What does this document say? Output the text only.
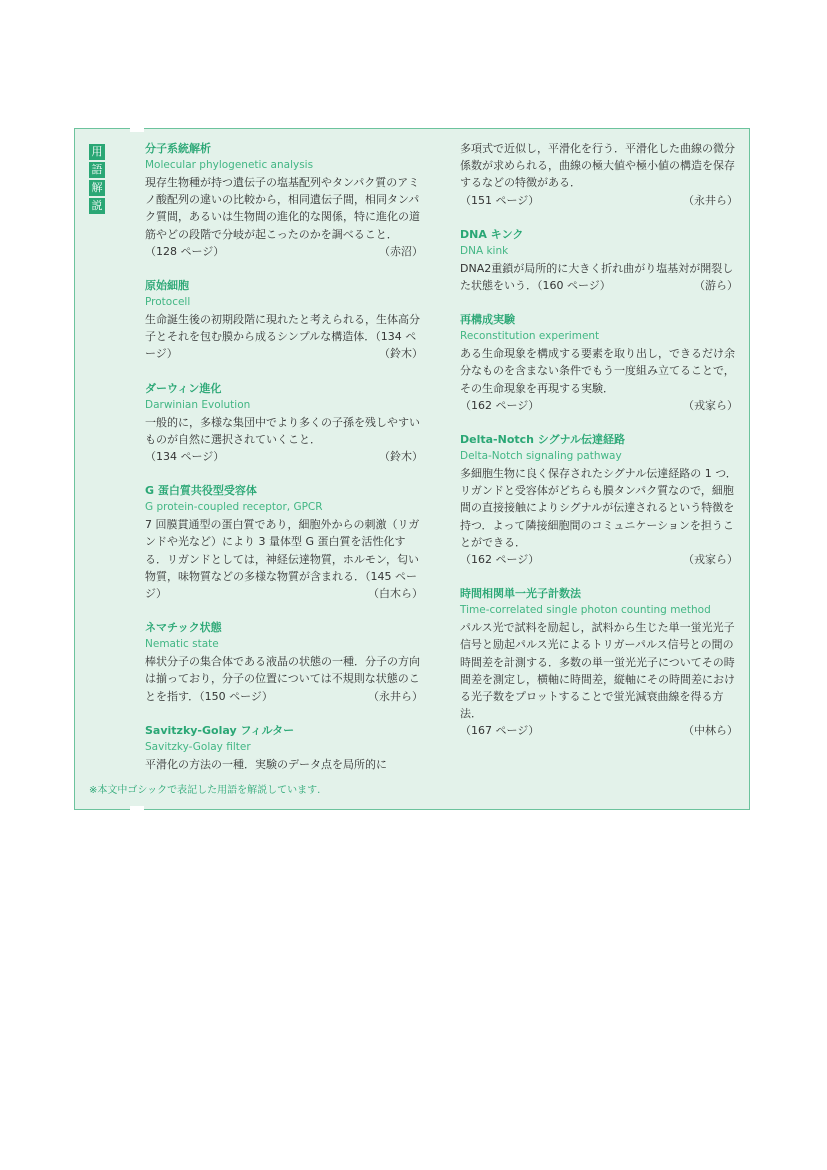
用
語
解
説
分子系統解析
Molecular phylogenetic analysis
現存生物種が持つ遺伝子の塩基配列やタンパク質のアミノ酸配列の違いの比較から，相同遺伝子間，相同タンパク質間，あるいは生物間の進化的な関係，特に進化の道筋やどの段階で分岐が起こったのかを調べること．（128 ページ）	（赤沼）
原始細胞
Protocell
生命誕生後の初期段階に現れたと考えられる，生体高分子とそれを包む膜から成るシンプルな構造体．（134 ページ）	（鈴木）
ダーウィン進化
Darwinian Evolution
一般的に，多様な集団中でより多くの子孫を残しやすいものが自然に選択されていくこと．
（134 ページ）	（鈴木）
G 蛋白質共役型受容体
G protein-coupled receptor, GPCR
7 回膜貫通型の蛋白質であり，細胞外からの刺激（リガンドや光など）により 3 量体型 G 蛋白質を活性化する．リガンドとしては，神経伝達物質，ホルモン，匂い物質，味物質などの多様な物質が含まれる．（145 ページ）	（白木ら）
ネマチック状態
Nematic state
棒状分子の集合体である液晶の状態の一種．分子の方向は揃っており，分子の位置については不規則な状態のことを指す．（150 ページ）	（永井ら）
Savitzky-Golay フィルター
Savitzky-Golay filter
平滑化の方法の一種．実験のデータ点を局所的に
多項式で近似し，平滑化を行う．平滑化した曲線の微分係数が求められる，曲線の極大値や極小値の構造を保存するなどの特徴がある．
（151 ページ）	（永井ら）
DNA キンク
DNA kink
DNA2重鎖が局所的に大きく折れ曲がり塩基対が開裂した状態をいう．（160 ページ）	（游ら）
再構成実験
Reconstitution experiment
ある生命現象を構成する要素を取り出し，できるだけ余分なものを含まない条件でもう一度組み立てることで，その生命現象を再現する実験．
（162 ページ）	（戎家ら）
Delta-Notch シグナル伝達経路
Delta-Notch signaling pathway
多細胞生物に良く保存されたシグナル伝達経路の 1 つ．リガンドと受容体がどちらも膜タンパク質なので，細胞間の直接接触によりシグナルが伝達されるという特徴を持つ．よって隣接細胞間のコミュニケーションを担うことができる．
（162 ページ）	（戎家ら）
時間相関単一光子計数法
Time-correlated single photon counting method
パルス光で試料を励起し，試料から生じた単一蛍光光子信号と励起パルス光によるトリガーパルス信号との間の時間差を計測する．多数の単一蛍光光子についてその時間差を測定し，横軸に時間差，縦軸にその時間差における光子数をプロットすることで蛍光減衰曲線を得る方法．
（167 ページ）	（中林ら）
※本文中ゴシックで表記した用語を解説しています.
